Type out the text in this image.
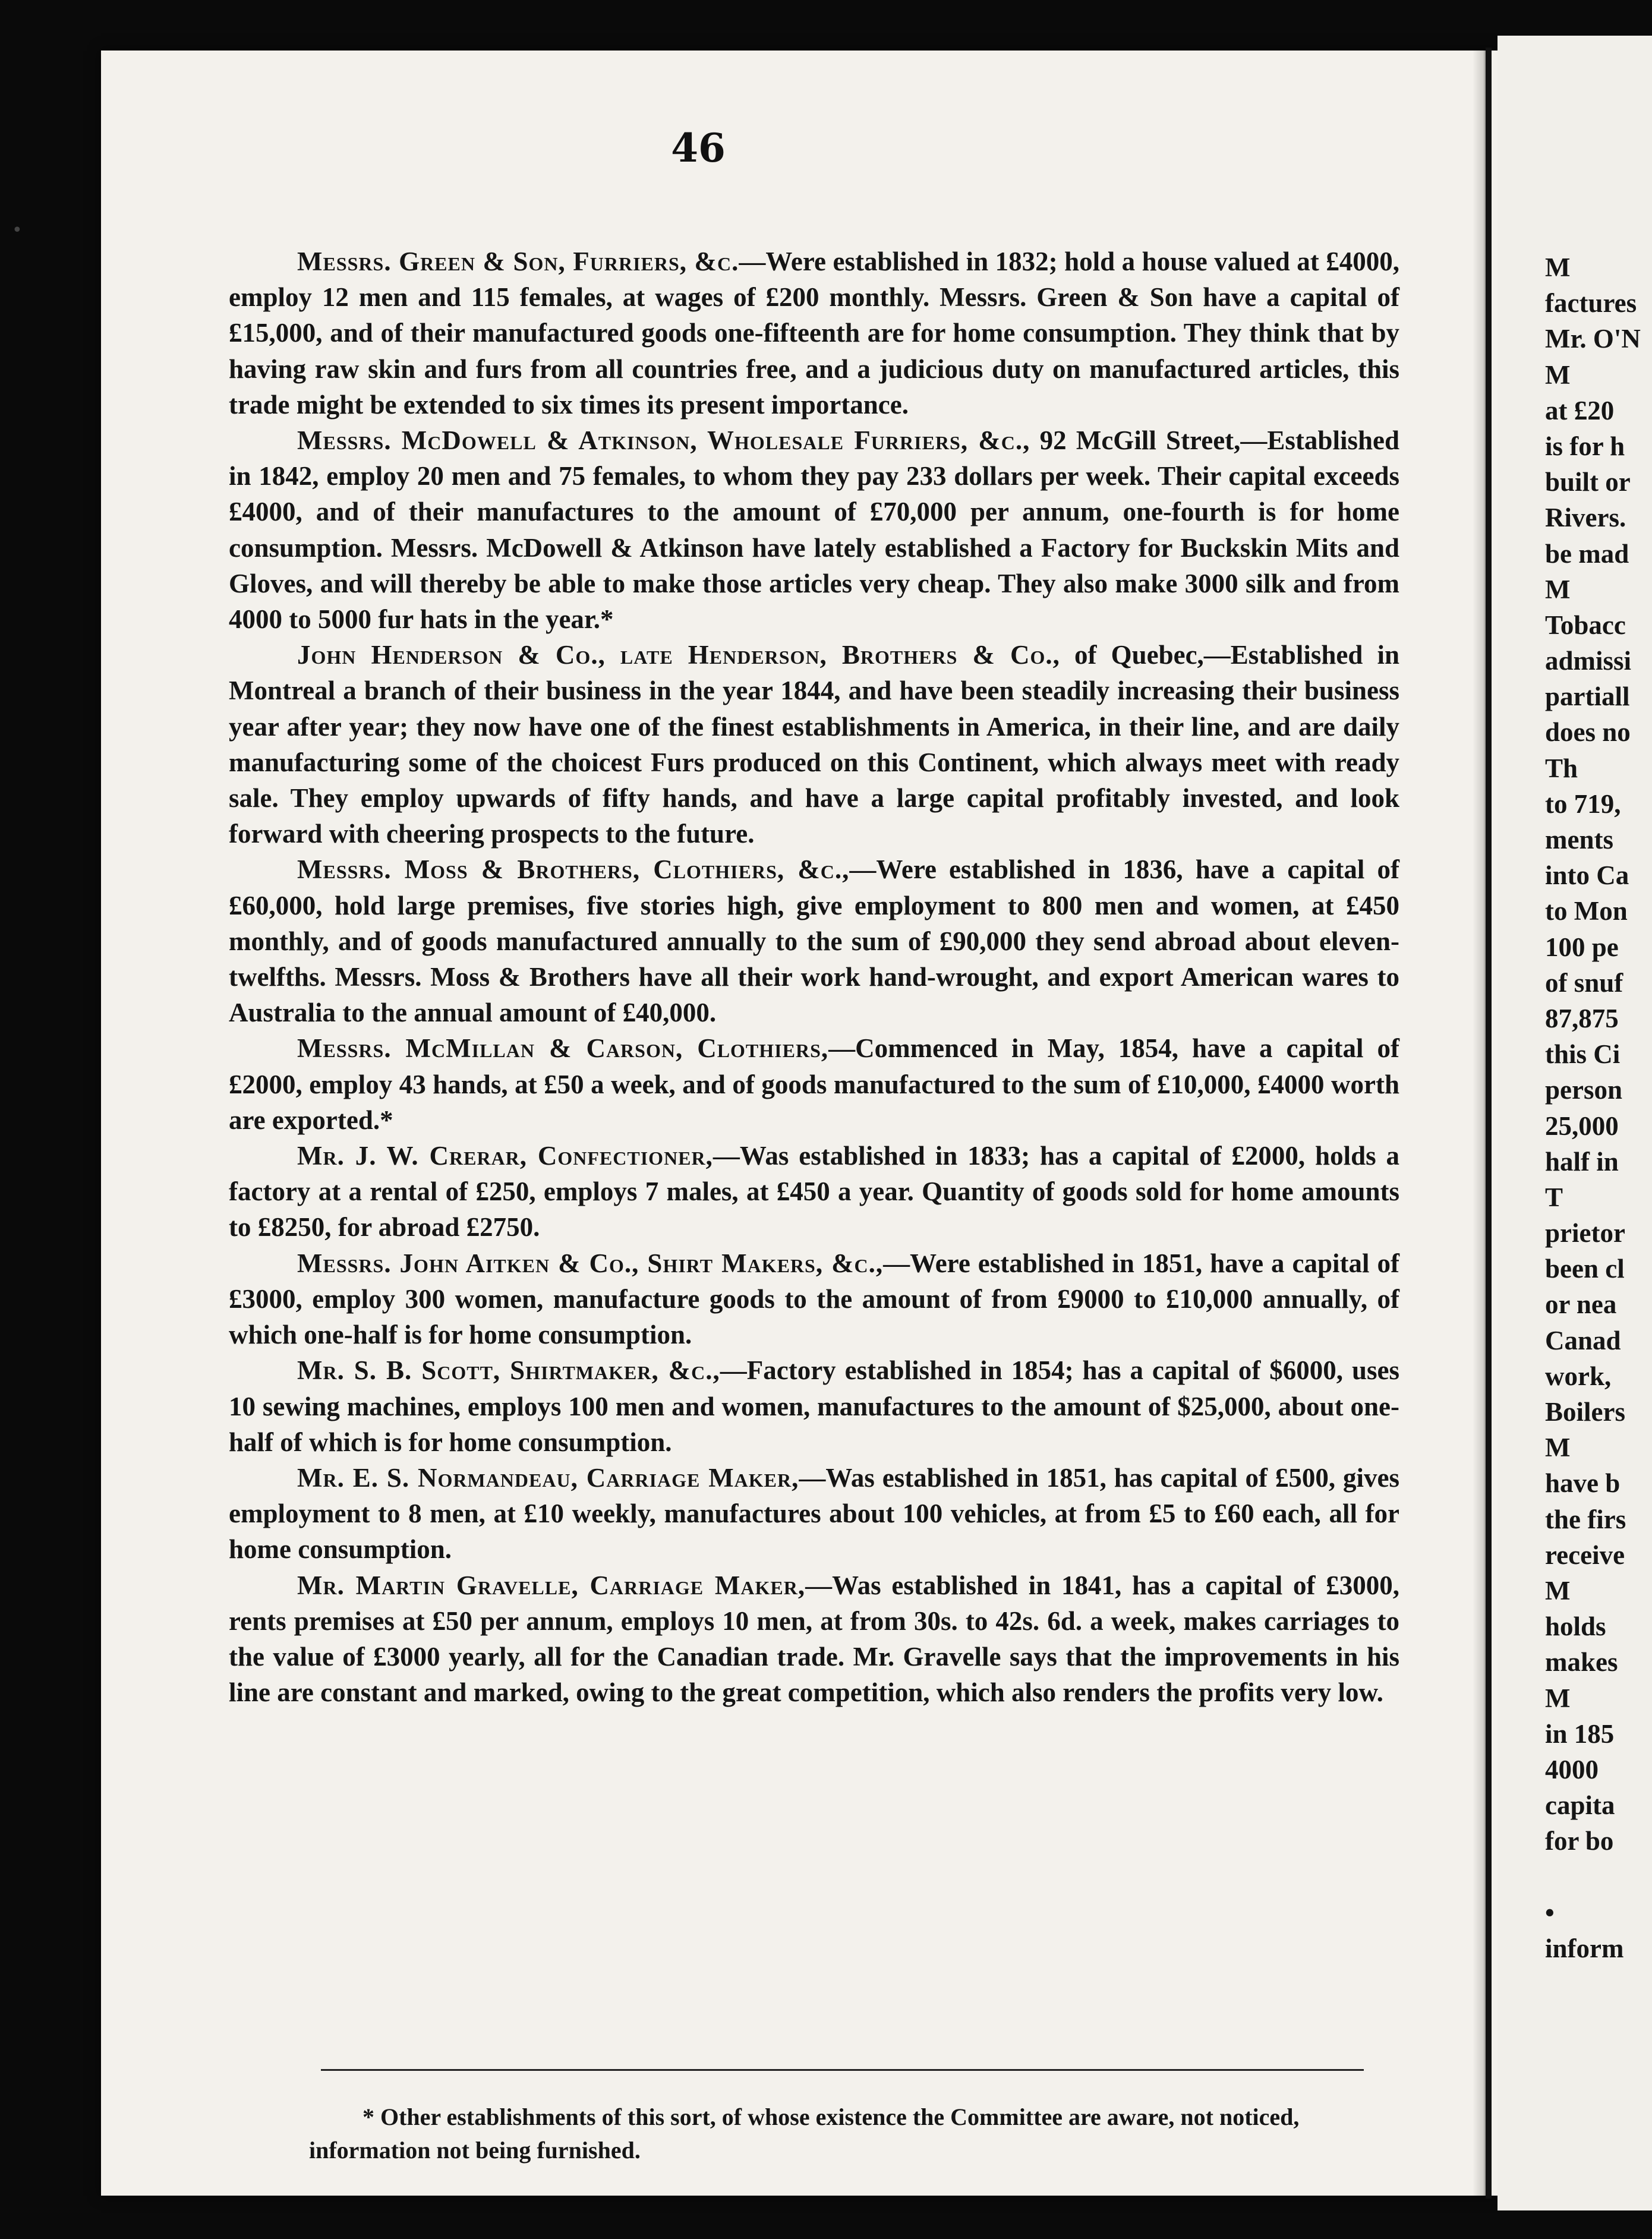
46

Messrs. Green & Son, Furriers, &c.—Were established in 1832; hold a house valued at £4000, employ 12 men and 115 females, at wages of £200 monthly. Messrs. Green & Son have a capital of £15,000, and of their manufactured goods one-fifteenth are for home consumption. They think that by having raw skin and furs from all countries free, and a judicious duty on manufactured articles, this trade might be extended to six times its present importance.

Messrs. McDowell & Atkinson, Wholesale Furriers, &c., 92 McGill Street,—Established in 1842, employ 20 men and 75 females, to whom they pay 233 dollars per week. Their capital exceeds £4000, and of their manufactures to the amount of £70,000 per annum, one-fourth is for home consumption. Messrs. McDowell & Atkinson have lately established a Factory for Buckskin Mits and Gloves, and will thereby be able to make those articles very cheap. They also make 3000 silk and from 4000 to 5000 fur hats in the year.*

John Henderson & Co., late Henderson, Brothers & Co., of Quebec,—Established in Montreal a branch of their business in the year 1844, and have been steadily increasing their business year after year; they now have one of the finest establishments in America, in their line, and are daily manufacturing some of the choicest Furs produced on this Continent, which always meet with ready sale. They employ upwards of fifty hands, and have a large capital profitably invested, and look forward with cheering prospects to the future.

Messrs. Moss & Brothers, Clothiers, &c.,—Were established in 1836, have a capital of £60,000, hold large premises, five stories high, give employment to 800 men and women, at £450 monthly, and of goods manufactured annually to the sum of £90,000 they send abroad about eleven-twelfths. Messrs. Moss & Brothers have all their work hand-wrought, and export American wares to Australia to the annual amount of £40,000.

Messrs. McMillan & Carson, Clothiers,—Commenced in May, 1854, have a capital of £2000, employ 43 hands, at £50 a week, and of goods manufactured to the sum of £10,000, £4000 worth are exported.*

Mr. J. W. Crerar, Confectioner,—Was established in 1833; has a capital of £2000, holds a factory at a rental of £250, employs 7 males, at £450 a year. Quantity of goods sold for home amounts to £8250, for abroad £2750.

Messrs. John Aitken & Co., Shirt Makers, &c.,—Were established in 1851, have a capital of £3000, employ 300 women, manufacture goods to the amount of from £9000 to £10,000 annually, of which one-half is for home consumption.

Mr. S. B. Scott, Shirtmaker, &c.,—Factory established in 1854; has a capital of $6000, uses 10 sewing machines, employs 100 men and women, manufactures to the amount of $25,000, about one-half of which is for home consumption.

Mr. E. S. Normandeau, Carriage Maker,—Was established in 1851, has capital of £500, gives employment to 8 men, at £10 weekly, manufactures about 100 vehicles, at from £5 to £60 each, all for home consumption.

Mr. Martin Gravelle, Carriage Maker,—Was established in 1841, has a capital of £3000, rents premises at £50 per annum, employs 10 men, at from 30s. to 42s. 6d. a week, makes carriages to the value of £3000 yearly, all for the Canadian trade. Mr. Gravelle says that the improvements in his line are constant and marked, owing to the great competition, which also renders the profits very low.

* Other establishments of this sort, of whose existence the Committee are aware, not noticed, information not being furnished.
M
factures
Mr. O'N
M
at £20
is for h
built or
Rivers.
be mad
M
Tobacc
admissi
partiall
does no
Th
to 719,
ments
into Ca
to Mon
100 pe
of snuf
87,875
this Ci
person
25,000
half in
T
prietor
been cl
or nea
Canad
work,
Boilers
M
have b
the firs
receive
M
holds
makes
M
in 185
4000
capita
for bo
•
inform
•
